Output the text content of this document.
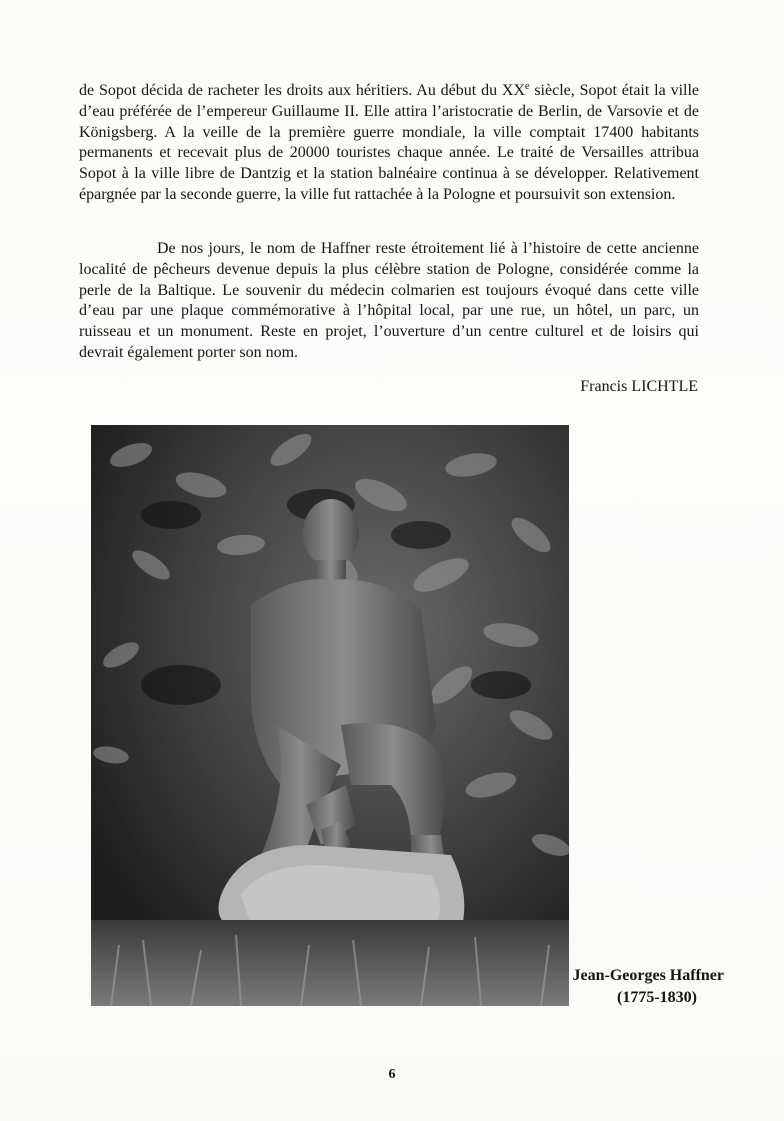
de Sopot décida de racheter les droits aux héritiers. Au début du XXe siècle, Sopot était la ville d’eau préférée de l’empereur Guillaume II. Elle attira l’aristocratie de Berlin, de Varsovie et de Königsberg. A la veille de la première guerre mondiale, la ville comptait 17400 habitants permanents et recevait plus de 20000 touristes chaque année. Le traité de Versailles attribua Sopot à la ville libre de Dantzig et la station balnéaire continua à se développer. Relativement épargnée par la seconde guerre, la ville fut rattachée à la Pologne et poursuivit son extension.

De nos jours, le nom de Haffner reste étroitement lié à l’histoire de cette ancienne localité de pêcheurs devenue depuis la plus célèbre station de Pologne, considérée comme la perle de la Baltique. Le souvenir du médecin colmarien est toujours évoqué dans cette ville d’eau par une plaque commémorative à l’hôpital local, par une rue, un hôtel, un parc, un ruisseau et un monument. Reste en projet, l’ouverture d’un centre culturel et de loisirs qui devrait également porter son nom.

Francis LICHTLE

Jean-Georges Haffner
(1775-1830)

6
